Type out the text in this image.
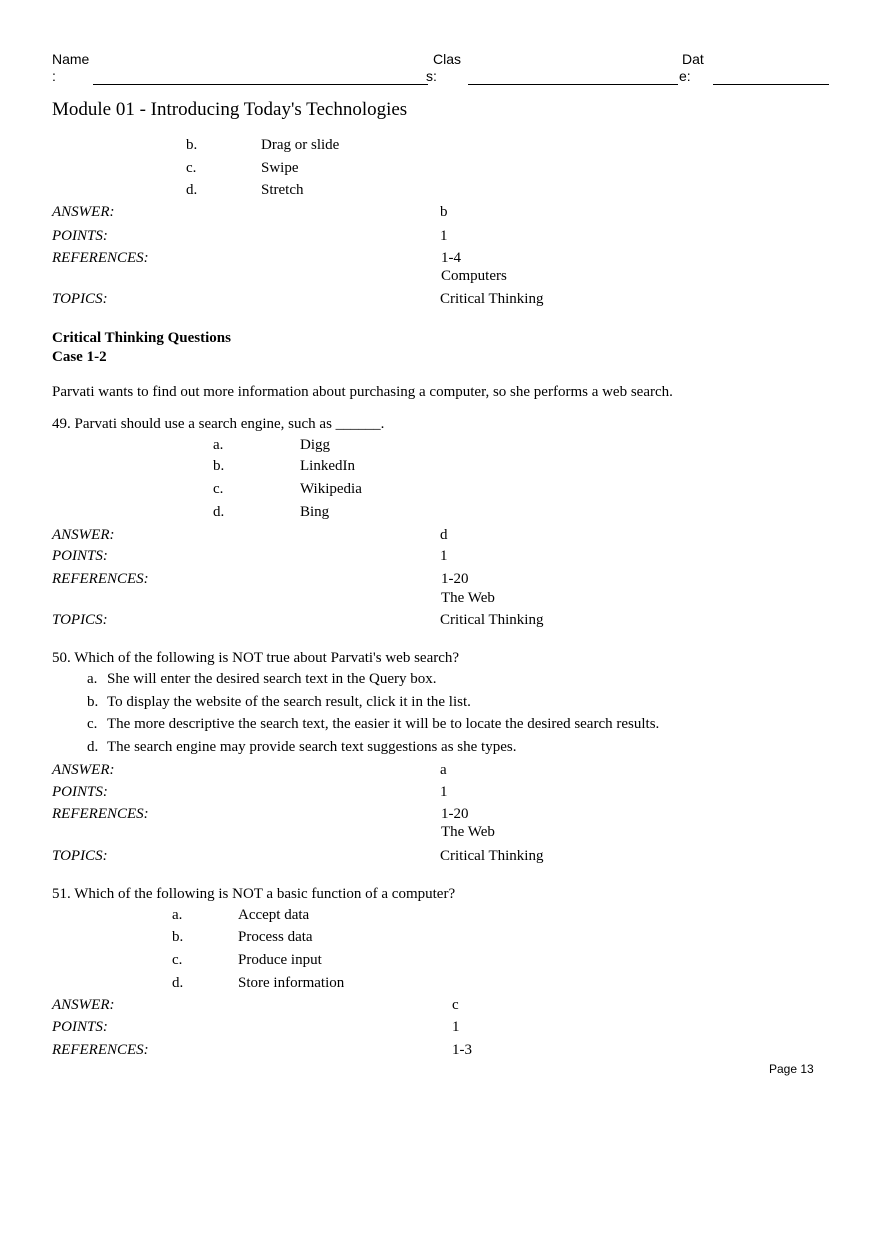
Name
:
Clas
s:
Dat
e:
Module 01 - Introducing Today's Technologies
b.	Drag or slide
c.	Swipe
d.	Stretch
ANSWER:	b
POINTS:	1
REFERENCES:	1-4
Computers
TOPICS:	Critical Thinking
Critical Thinking Questions
Case 1-2
Parvati wants to find out more information about purchasing a computer, so she performs a web search.
49. Parvati should use a search engine, such as ______.
a.	Digg
b.	LinkedIn
c.	Wikipedia
d.	Bing
ANSWER:	d
POINTS:	1
REFERENCES:	1-20
The Web
TOPICS:	Critical Thinking
50. Which of the following is NOT true about Parvati's web search?
a. She will enter the desired search text in the Query box.
b. To display the website of the search result, click it in the list.
c. The more descriptive the search text, the easier it will be to locate the desired search results.
d. The search engine may provide search text suggestions as she types.
ANSWER:	a
POINTS:	1
REFERENCES:	1-20
The Web
TOPICS:	Critical Thinking
51. Which of the following is NOT a basic function of a computer?
a.	Accept data
b.	Process data
c.	Produce input
d.	Store information
ANSWER:	c
POINTS:	1
REFERENCES:	1-3
Page 13
